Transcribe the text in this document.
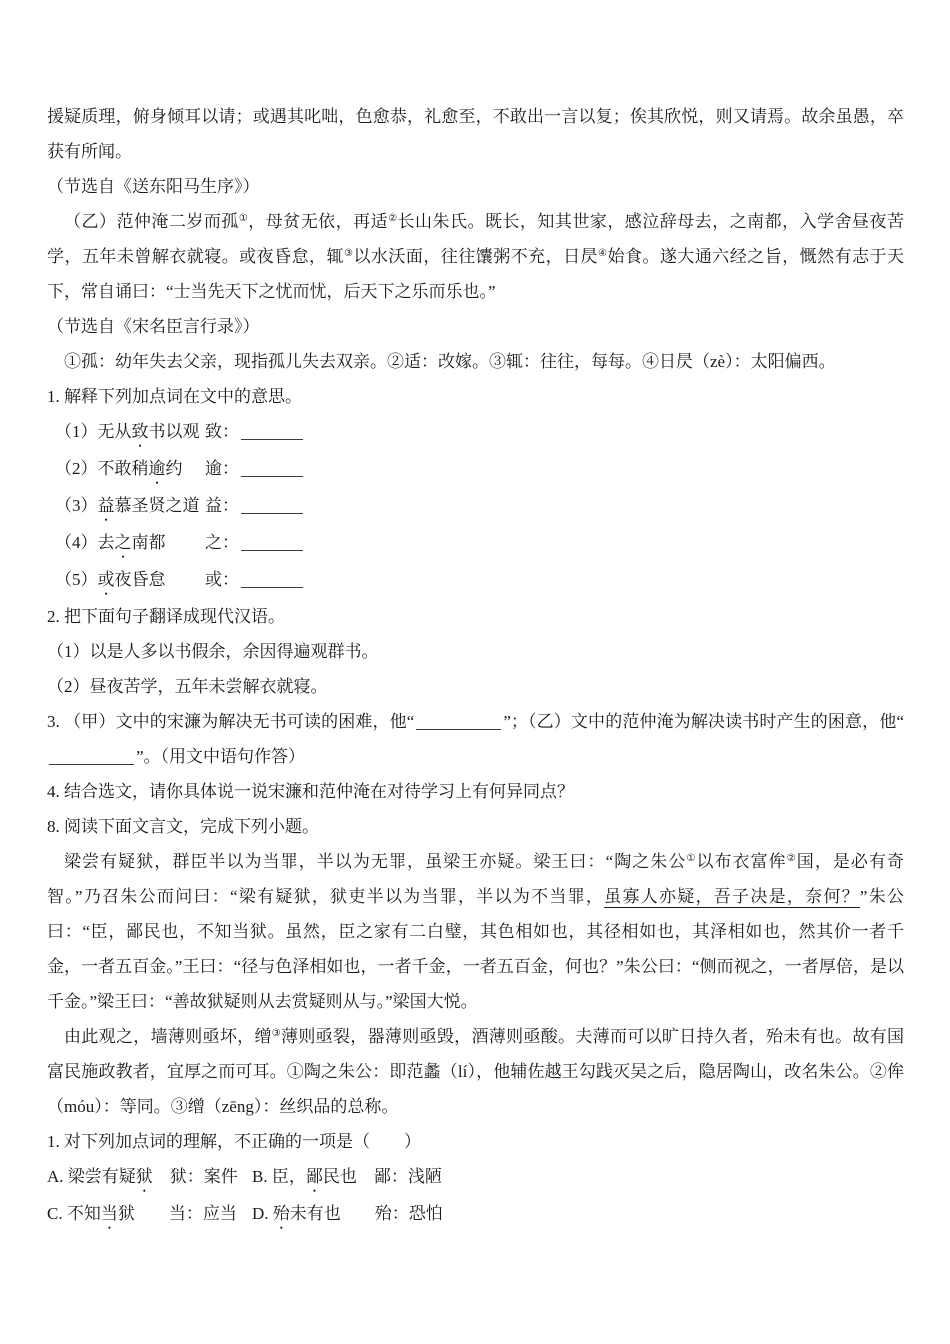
援疑质理，俯身倾耳以请；或遇其叱咄，色愈恭，礼愈至，不敢出一言以复；俟其欣悦，则又请焉。故余虽愚，卒获有所闻。
（节选自《送东阳马生序》）
（乙）范仲淹二岁而孤①，母贫无依，再适②长山朱氏。既长，知其世家，感泣辞母去，之南都，入学舍昼夜苦学，五年未曾解衣就寝。或夜昏怠，辄③以水沃面，往往馕粥不充，日昃④始食。遂大通六经之旨，慨然有志于天下，常自诵曰：“士当先天下之忧而忧，后天下之乐而乐也。”
（节选自《宋名臣言行录》）
①孤：幼年失去父亲，现指孤儿失去双亲。②适：改嫁。③辄：往往，每每。④日昃（zè）：太阳偏西。
1. 解释下列加点词在文中的意思。
（1）无从致书以观 致：
（2）不敢稍逾约 逾：
（3）益慕圣贤之道 益：
（4）去之南都 之：
（5）或夜昏怠 或：
2. 把下面句子翻译成现代汉语。
（1）以是人多以书假余，余因得遍观群书。
（2）昼夜苦学，五年未尝解衣就寝。
3. （甲）文中的宋濂为解决无书可读的困难，他“	”；（乙）文中的范仲淹为解决读书时产生的困意，他“”。（用文中语句作答）
4. 结合选文，请你具体说一说宋濂和范仲淹在对待学习上有何异同点？
8. 阅读下面文言文，完成下列小题。
梁尝有疑狱，群臣半以为当罪，半以为无罪，虽梁王亦疑。梁王曰：“陶之朱公①以布衣富侔②国，是必有奇智。”乃召朱公而问曰：“梁有疑狱，狱吏半以为当罪，半以为不当罪，虽寡人亦疑，吾子决是，奈何？”朱公曰：“臣，鄙民也，不知当狱。虽然，臣之家有二白璧，其色相如也，其径相如也，其泽相如也，然其价一者千金，一者五百金。”王曰：“径与色泽相如也，一者千金，一者五百金，何也？”朱公曰：“侧而视之，一者厚倍，是以千金。”梁王曰：“善故狱疑则从去赏疑则从与。”梁国大悦。
由此观之，墙薄则亟坏，缯③薄则亟裂，器薄则亟毁，酒薄则亟酸。夫薄而可以旷日持久者，殆未有也。故有国富民施政教者，宜厚之而可耳。①陶之朱公：即范蠡（lí），他辅佐越王勾践灭吴之后，隐居陶山，改名朱公。②侔（móu）：等同。③缯（zēng）：丝织品的总称。
1. 对下列加点词的理解，不正确的一项是（　　）
A. 梁尝有疑狱　狱：案件 B. 臣，鄙民也　鄙：浅陋
C. 不知当狱　　当：应当 D. 殆未有也　　殆：恐怕
